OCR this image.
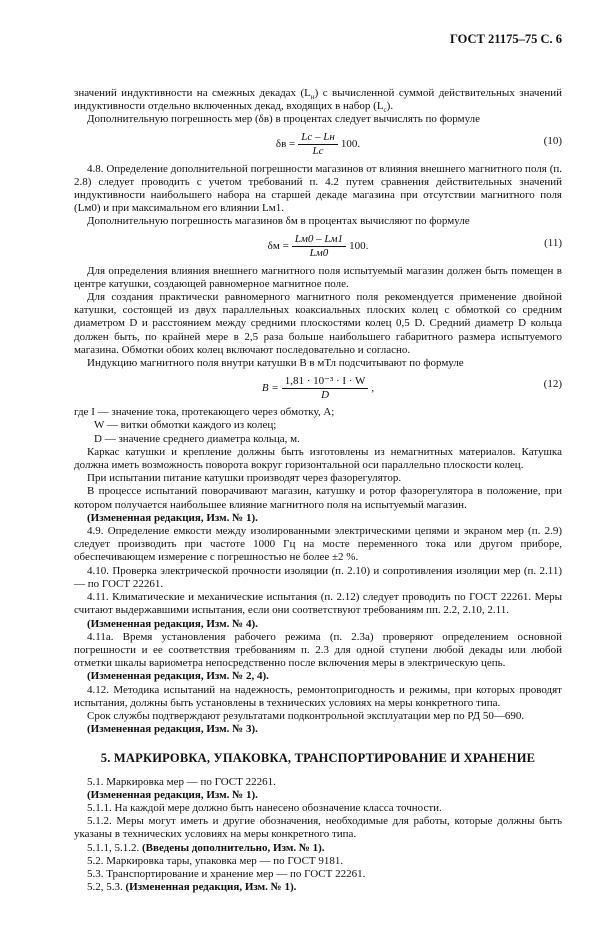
ГОСТ 21175–75 С. 6

значений индуктивности на смежных декадах $(L_н)$ с вычисленной суммой действительных значений индуктивности отдельно включенных декад, входящих в набор $(L_с)$.

Дополнительную погрешность мер (δв) в процентах следует вычислять по формуле

$\delta в = \frac{Lс - Lн}{Lс} 100$.	(10)

4.8. Определение дополнительной погрешности магазинов от влияния внешнего магнитного поля (п. 2.8) следует проводить с учетом требований п. 4.2 путем сравнения действительных значений индуктивности наибольшего набора на старшей декаде магазина при отсутствии магнитного поля (Lм0) и при максимальном его влиянии Lм1.

Дополнительную погрешность магазинов δм в процентах вычисляют по формуле

$\delta м = \frac{Lм0 - Lм1}{Lм0} 100$.	(11)

Для определения влияния внешнего магнитного поля испытуемый магазин должен быть помещен в центре катушки, создающей равномерное магнитное поле.

Для создания практически равномерного магнитного поля рекомендуется применение двойной катушки, состоящей из двух параллельных коаксиальных плоских колец с обмоткой со средним диаметром D и расстоянием между средними плоскостями колец 0,5 D. Средний диаметр D кольца должен быть, по крайней мере в 2,5 раза больше наибольшего габаритного размера испытуемого магазина. Обмотки обоих колец включают последовательно и согласно.

Индукцию магнитного поля внутри катушки B в мТл подсчитывают по формуле

$B = \frac{\text{1,81 · 10⁻³ · I · W}}{D}$ ,	(12)

где I — значение тока, протекающего через обмотку, А;

W — витки обмотки каждого из колец;

D — значение среднего диаметра кольца, м.

Каркас катушки и крепление должны быть изготовлены из немагнитных материалов. Катушка должна иметь возможность поворота вокруг горизонтальной оси параллельно плоскости колец.

При испытании питание катушки производят через фазорегулятор.

В процессе испытаний поворачивают магазин, катушку и ротор фазорегулятора в положение, при котором получается наибольшее влияние магнитного поля на испытуемый магазин.

(Измененная редакция, Изм. № 1).

4.9. Определение емкости между изолированными электрическими цепями и экраном мер (п. 2.9) следует производить при частоте 1000 Гц на мосте переменного тока или другом приборе, обеспечивающем измерение с погрешностью не более ±2 %.

4.10. Проверка электрической прочности изоляции (п. 2.10) и сопротивления изоляции мер (п. 2.11) — по ГОСТ 22261.

4.11. Климатические и механические испытания (п. 2.12) следует проводить по ГОСТ 22261. Меры считают выдержавшими испытания, если они соответствуют требованиям пп. 2.2, 2.10, 2.11.

(Измененная редакция, Изм. № 4).

4.11а. Время установления рабочего режима (п. 2.3а) проверяют определением основной погрешности и ее соответствия требованиям п. 2.3 для одной ступени любой декады или любой отметки шкалы вариометра непосредственно после включения меры в электрическую цепь.

(Измененная редакция, Изм. № 2, 4).

4.12. Методика испытаний на надежность, ремонтопригодность и режимы, при которых проводят испытания, должны быть установлены в технических условиях на меры конкретного типа.

Срок службы подтверждают результатами подконтрольной эксплуатации мер по РД 50—690.

(Измененная редакция, Изм. № 3).

5. МАРКИРОВКА, УПАКОВКА, ТРАНСПОРТИРОВАНИЕ И ХРАНЕНИЕ

5.1. Маркировка мер — по ГОСТ 22261.

(Измененная редакция, Изм. № 1).

5.1.1. На каждой мере должно быть нанесено обозначение класса точности.

5.1.2. Меры могут иметь и другие обозначения, необходимые для работы, которые должны быть указаны в технических условиях на меры конкретного типа.

5.1.1, 5.1.2. (Введены дополнительно, Изм. № 1).

5.2. Маркировка тары, упаковка мер — по ГОСТ 9181.

5.3. Транспортирование и хранение мер — по ГОСТ 22261.

5.2, 5.3. (Измененная редакция, Изм. № 1).
